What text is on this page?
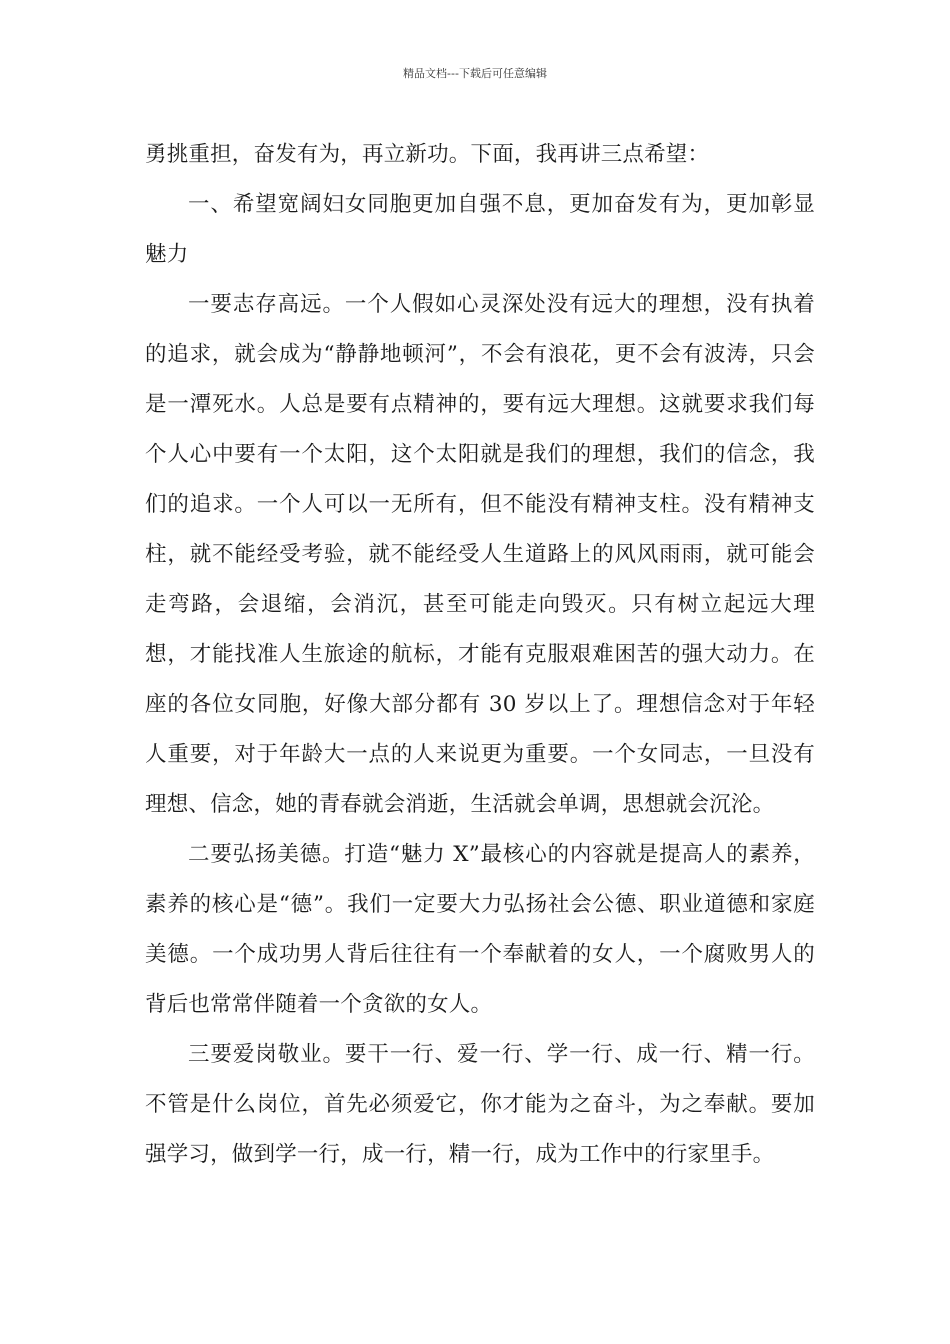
精品文档---下载后可任意编辑

勇挑重担，奋发有为，再立新功。下面，我再讲三点希望：

一、希望宽阔妇女同胞更加自强不息，更加奋发有为，更加彰显魅力

一要志存高远。一个人假如心灵深处没有远大的理想，没有执着的追求，就会成为“静静地顿河”，不会有浪花，更不会有波涛，只会是一潭死水。人总是要有点精神的，要有远大理想。这就要求我们每个人心中要有一个太阳，这个太阳就是我们的理想，我们的信念，我们的追求。一个人可以一无所有，但不能没有精神支柱。没有精神支柱，就不能经受考验，就不能经受人生道路上的风风雨雨，就可能会走弯路，会退缩，会消沉，甚至可能走向毁灭。只有树立起远大理想，才能找准人生旅途的航标，才能有克服艰难困苦的强大动力。在座的各位女同胞，好像大部分都有 30 岁以上了。理想信念对于年轻人重要，对于年龄大一点的人来说更为重要。一个女同志，一旦没有理想、信念，她的青春就会消逝，生活就会单调，思想就会沉沦。

二要弘扬美德。打造“魅力 X”最核心的内容就是提高人的素养，素养的核心是“德”。我们一定要大力弘扬社会公德、职业道德和家庭美德。一个成功男人背后往往有一个奉献着的女人，一个腐败男人的背后也常常伴随着一个贪欲的女人。

三要爱岗敬业。要干一行、爱一行、学一行、成一行、精一行。不管是什么岗位，首先必须爱它，你才能为之奋斗，为之奉献。要加强学习，做到学一行，成一行，精一行，成为工作中的行家里手。
